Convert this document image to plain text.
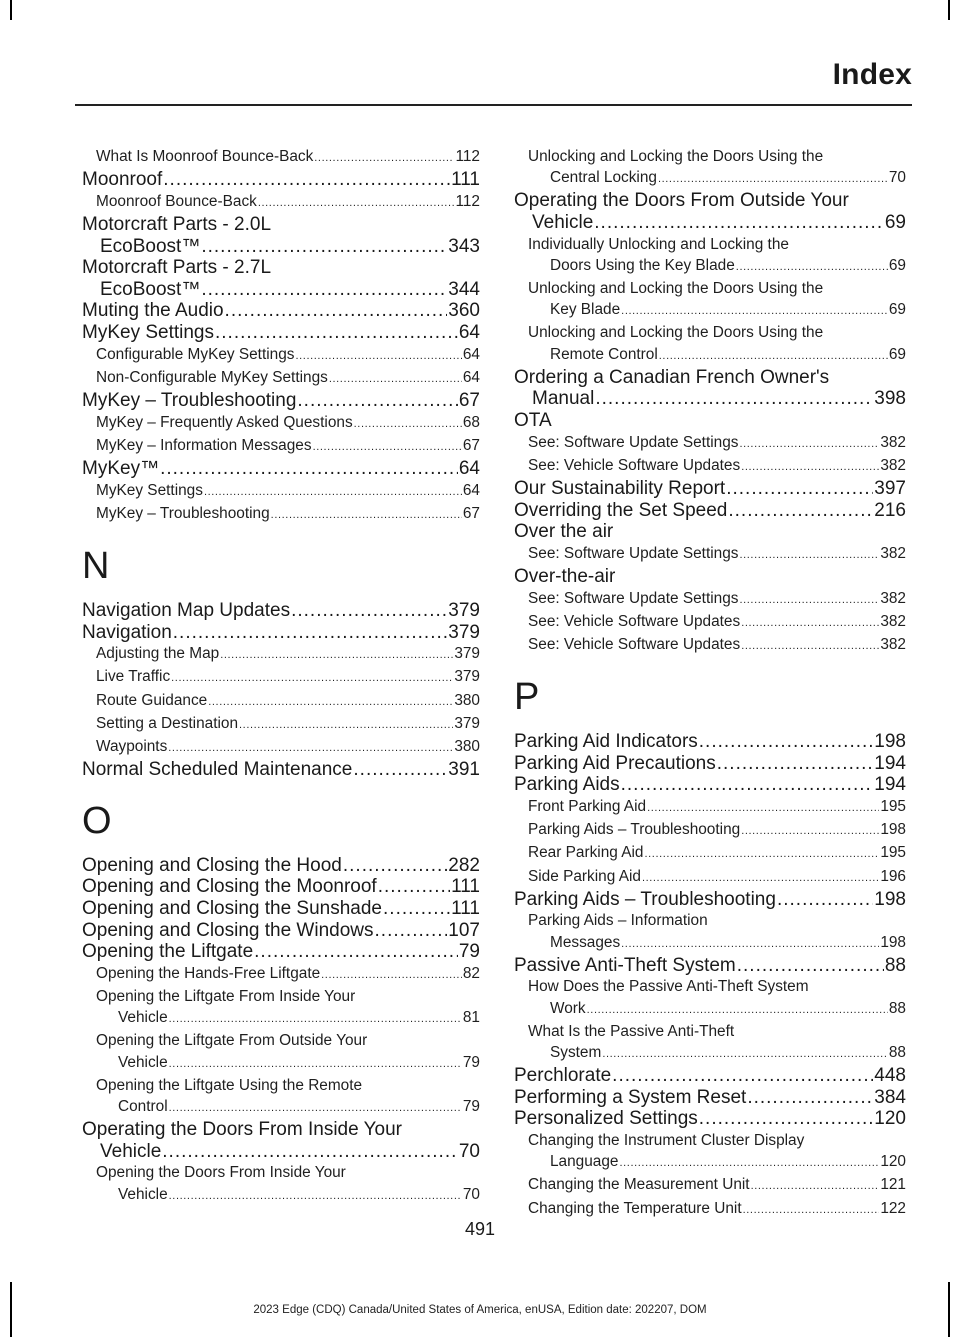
Index
What Is Moonroof Bounce-Back .....	112
Moonroof .....	111
Moonroof Bounce-Back .....	112
Motorcraft Parts - 2.0L
EcoBoost™ .....	343
Motorcraft Parts - 2.7L
EcoBoost™ .....	344
Muting the Audio .....	360
MyKey Settings .....	64
Configurable MyKey Settings .....	64
Non-Configurable MyKey Settings .....	64
MyKey – Troubleshooting .....	67
MyKey – Frequently Asked Questions .....	68
MyKey – Information Messages .....	67
MyKey™ .....	64
MyKey Settings .....	64
MyKey – Troubleshooting .....	67
N
Navigation Map Updates .....	379
Navigation .....	379
Adjusting the Map .....	379
Live Traffic .....	379
Route Guidance .....	380
Setting a Destination .....	379
Waypoints .....	380
Normal Scheduled Maintenance .....	391
O
Opening and Closing the Hood .....	282
Opening and Closing the Moonroof .....	111
Opening and Closing the Sunshade .....	111
Opening and Closing the Windows .....	107
Opening the Liftgate .....	79
Opening the Hands-Free Liftgate .....	82
Opening the Liftgate From Inside Your
Vehicle .....	81
Opening the Liftgate From Outside Your
Vehicle .....	79
Opening the Liftgate Using the Remote
Control .....	79
Operating the Doors From Inside Your
Vehicle .....	70
Opening the Doors From Inside Your
Vehicle .....	70
Unlocking and Locking the Doors Using the
Central Locking .....	70
Operating the Doors From Outside Your
Vehicle .....	69
Individually Unlocking and Locking the
Doors Using the Key Blade .....	69
Unlocking and Locking the Doors Using the
Key Blade .....	69
Unlocking and Locking the Doors Using the
Remote Control .....	69
Ordering a Canadian French Owner's
Manual .....	398
OTA
See: Software Update Settings .....	382
See: Vehicle Software Updates .....	382
Our Sustainability Report .....	397
Overriding the Set Speed .....	216
Over the air
See: Software Update Settings .....	382
Over-the-air
See: Software Update Settings .....	382
See: Vehicle Software Updates .....	382
See: Vehicle Software Updates .....	382
P
Parking Aid Indicators .....	198
Parking Aid Precautions .....	194
Parking Aids .....	194
Front Parking Aid .....	195
Parking Aids – Troubleshooting .....	198
Rear Parking Aid .....	195
Side Parking Aid .....	196
Parking Aids – Troubleshooting .....	198
Parking Aids – Information
Messages .....	198
Passive Anti-Theft System .....	88
How Does the Passive Anti-Theft System
Work .....	88
What Is the Passive Anti-Theft
System .....	88
Perchlorate .....	448
Performing a System Reset .....	384
Personalized Settings .....	120
Changing the Instrument Cluster Display
Language .....	120
Changing the Measurement Unit .....	121
Changing the Temperature Unit .....	122
491
2023 Edge (CDQ) Canada/United States of America, enUSA, Edition date: 202207, DOM
